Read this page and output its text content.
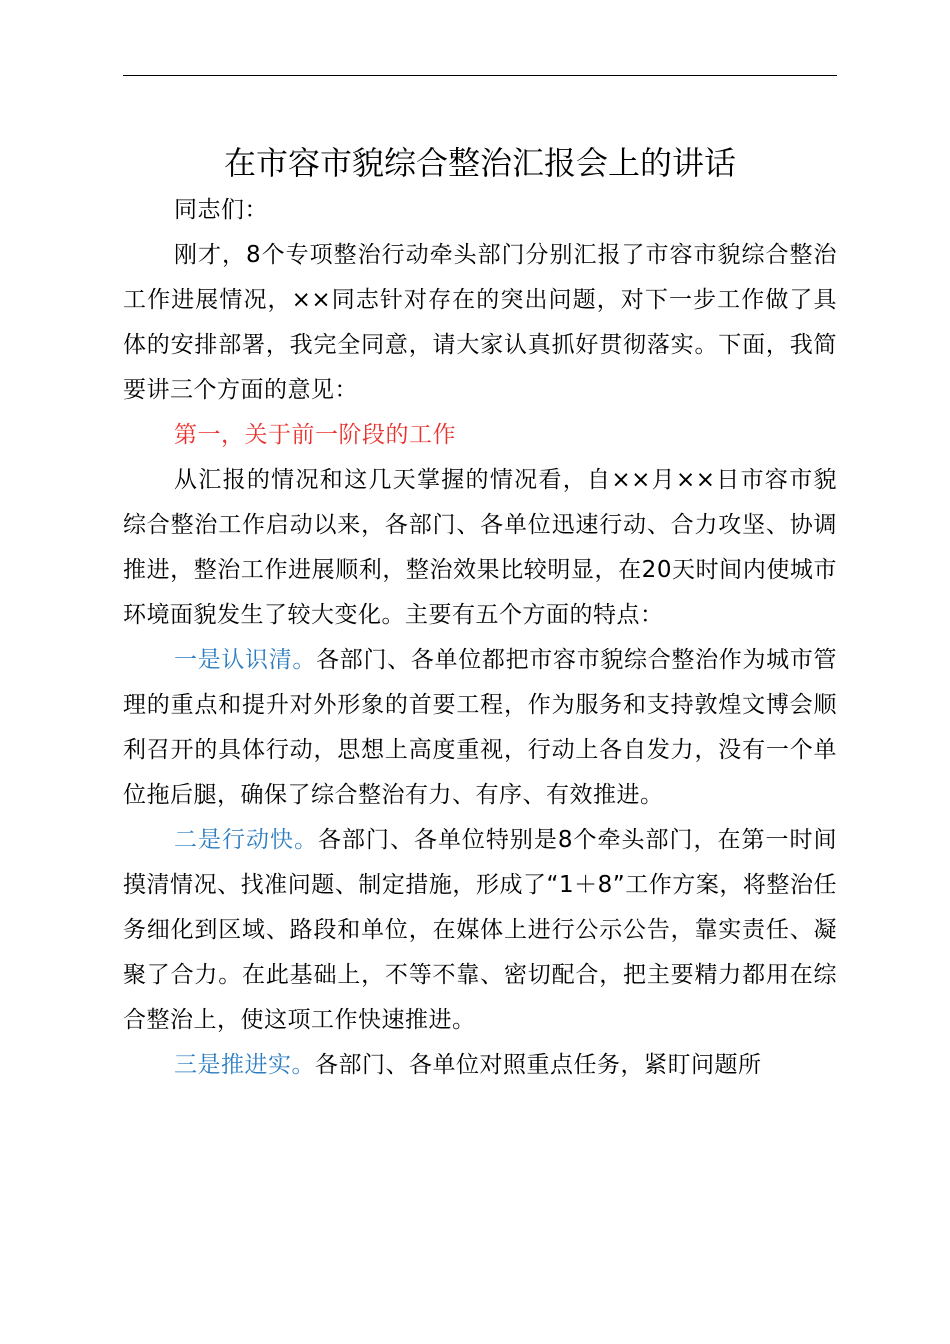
在市容市貌综合整治汇报会上的讲话

同志们：

刚才，8个专项整治行动牵头部门分别汇报了市容市貌综合整治工作进展情况，××同志针对存在的突出问题，对下一步工作做了具体的安排部署，我完全同意，请大家认真抓好贯彻落实。下面，我简要讲三个方面的意见：

第一，关于前一阶段的工作

从汇报的情况和这几天掌握的情况看，自××月××日市容市貌综合整治工作启动以来，各部门、各单位迅速行动、合力攻坚、协调推进，整治工作进展顺利，整治效果比较明显，在20天时间内使城市环境面貌发生了较大变化。主要有五个方面的特点：

一是认识清。各部门、各单位都把市容市貌综合整治作为城市管理的重点和提升对外形象的首要工程，作为服务和支持敦煌文博会顺利召开的具体行动，思想上高度重视，行动上各自发力，没有一个单位拖后腿，确保了综合整治有力、有序、有效推进。

二是行动快。各部门、各单位特别是8个牵头部门，在第一时间摸清情况、找准问题、制定措施，形成了“1＋8”工作方案，将整治任务细化到区域、路段和单位，在媒体上进行公示公告，靠实责任、凝聚了合力。在此基础上，不等不靠、密切配合，把主要精力都用在综合整治上，使这项工作快速推进。

三是推进实。各部门、各单位对照重点任务，紧盯问题所
